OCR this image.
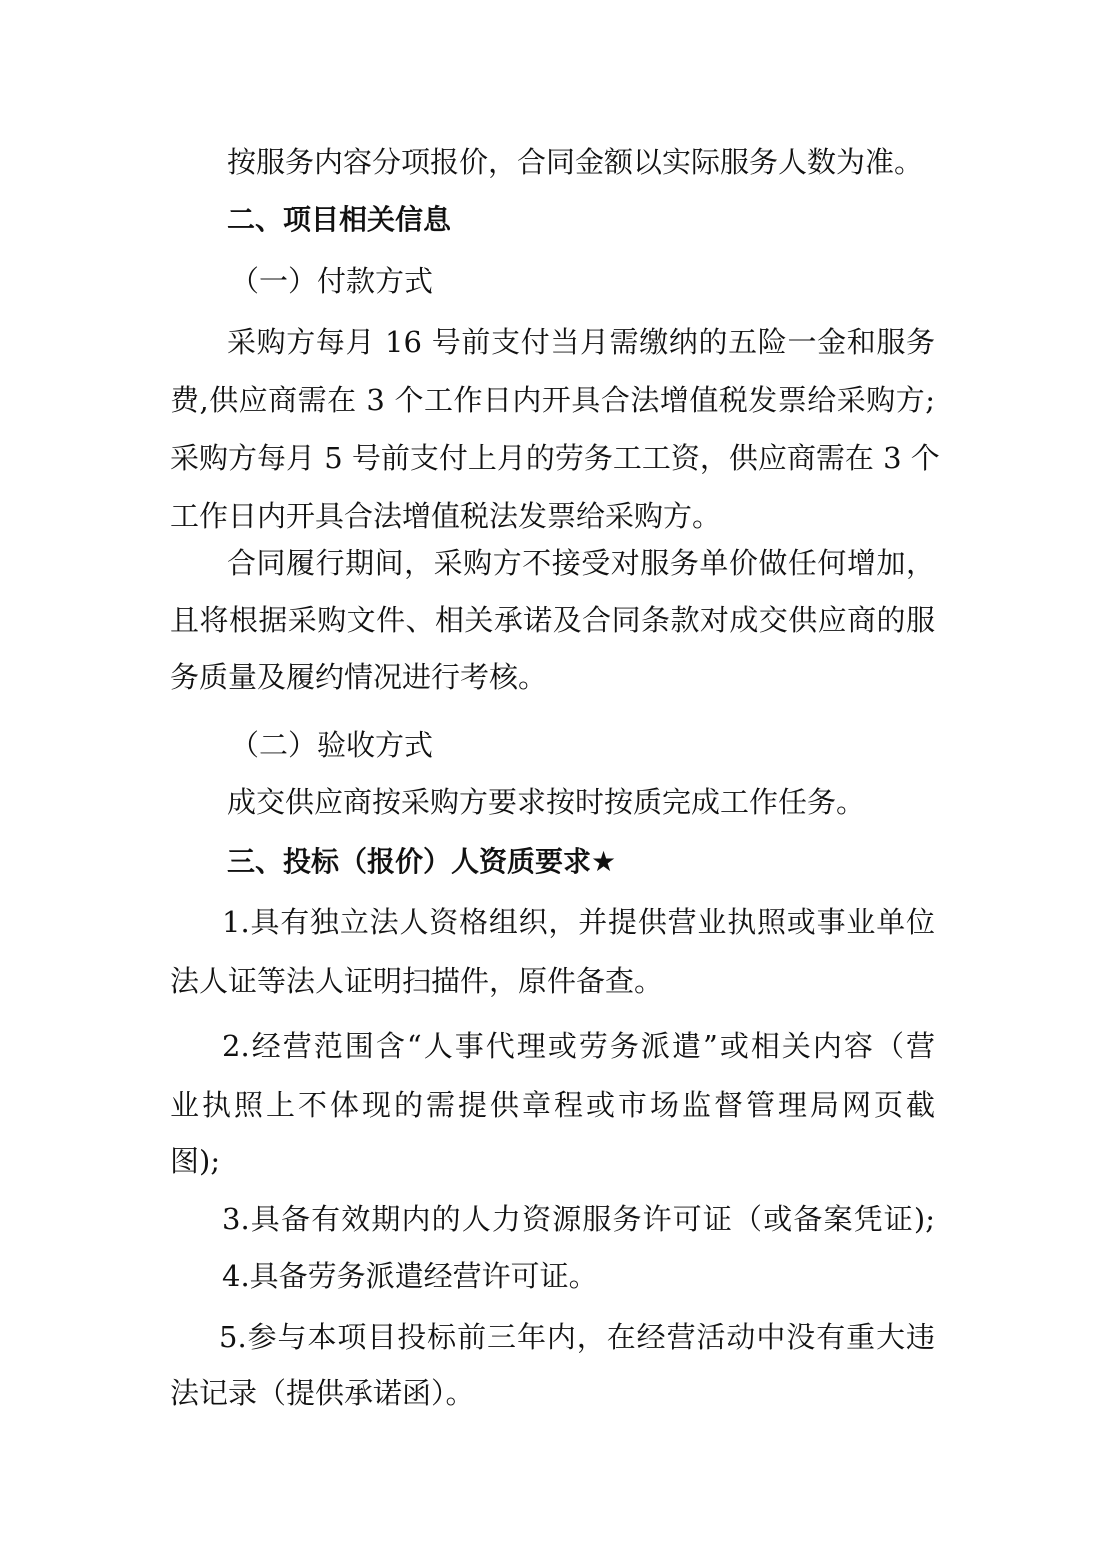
按服务内容分项报价，合同金额以实际服务人数为准。

二、项目相关信息

（一）付款方式

采购方每月 16 号前支付当月需缴纳的五险一金和服务

费,供应商需在 3 个工作日内开具合法增值税发票给采购方;

采购方每月 5 号前支付上月的劳务工工资，供应商需在 3 个

工作日内开具合法增值税法发票给采购方。

合同履行期间，采购方不接受对服务单价做任何增加，

且将根据采购文件、相关承诺及合同条款对成交供应商的服

务质量及履约情况进行考核。

（二）验收方式

成交供应商按采购方要求按时按质完成工作任务。

三、投标（报价）人资质要求★

1.具有独立法人资格组织，并提供营业执照或事业单位

法人证等法人证明扫描件，原件备查。

2.经营范围含“人事代理或劳务派遣”或相关内容（营

业执照上不体现的需提供章程或市场监督管理局网页截

图);

3.具备有效期内的人力资源服务许可证（或备案凭证);

4.具备劳务派遣经营许可证。

5.参与本项目投标前三年内，在经营活动中没有重大违

法记录（提供承诺函）。
